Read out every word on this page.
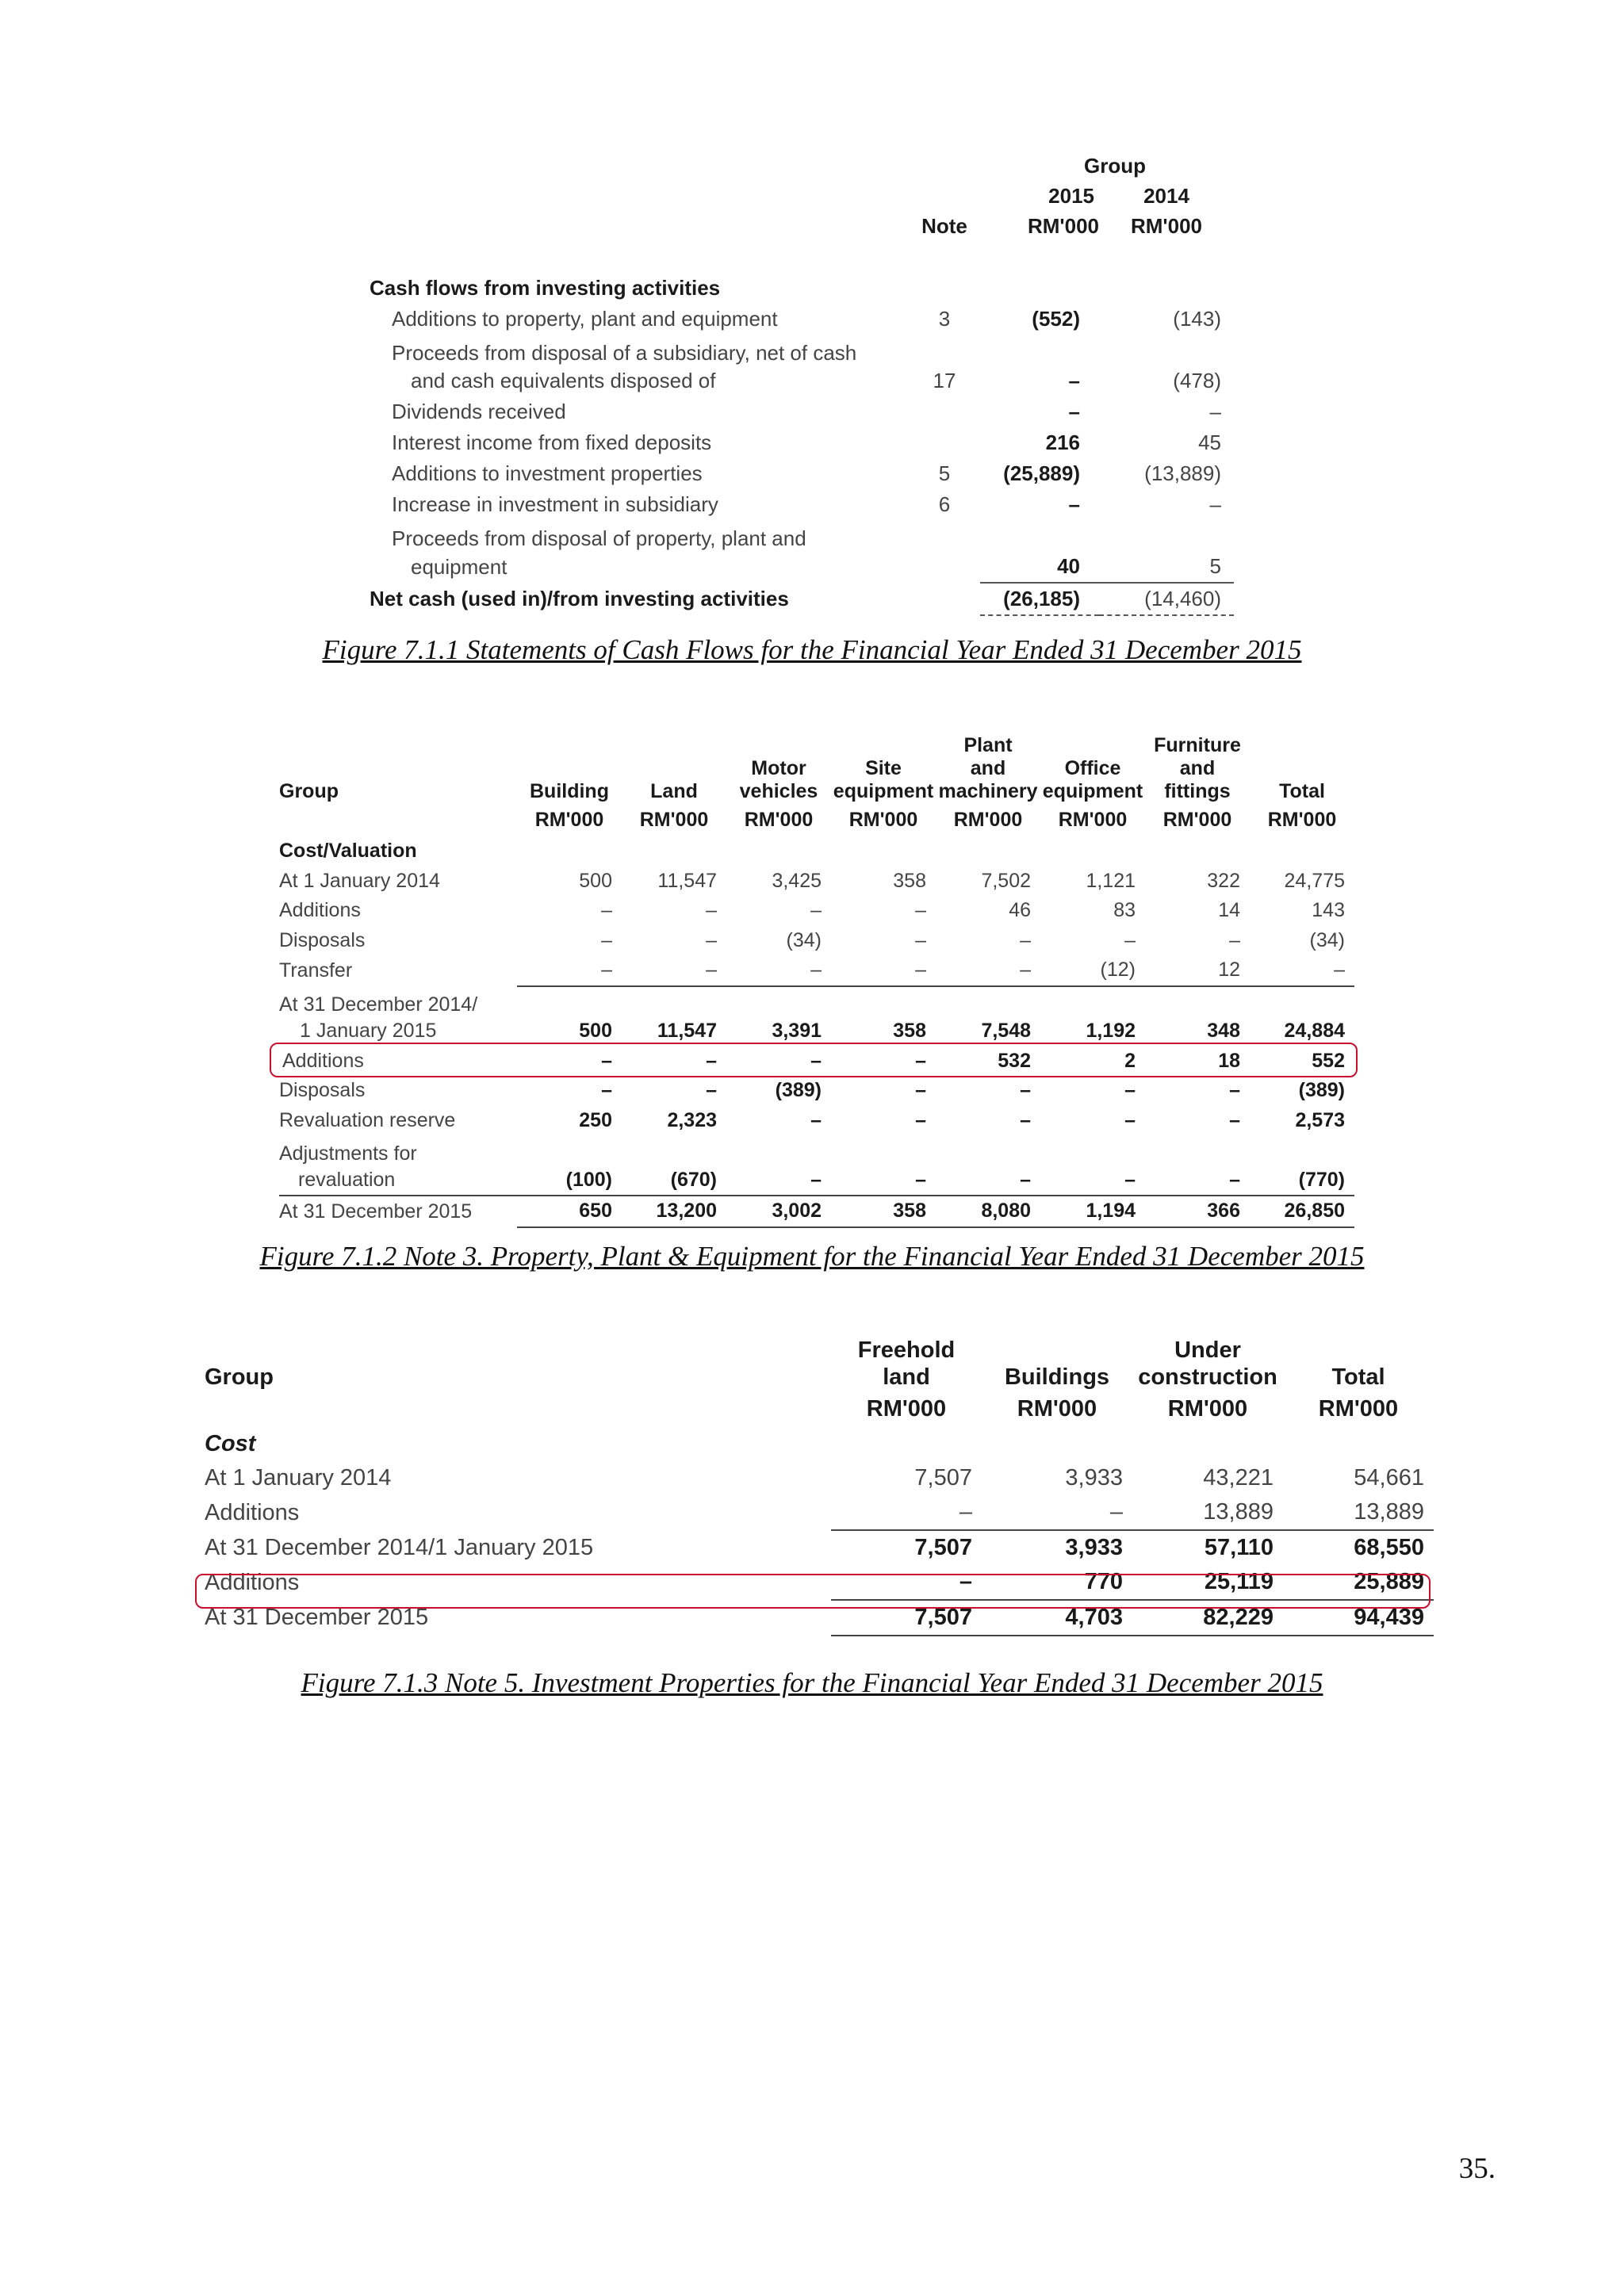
		Group	
		2015	2014
	Note	RM'000	RM'000

Cash flows from investing activities			
Additions to property, plant and equipment	3	(552)	(143)
Proceeds from disposal of a subsidiary, net of cash			
and cash equivalents disposed of	17	–	(478)
Dividends received		–	–
Interest income from fixed deposits		216	45
Additions to investment properties	5	(25,889)	(13,889)
Increase in investment in subsidiary	6	–	–
Proceeds from disposal of property, plant and			
equipment		40	5
Net cash (used in)/from investing activities		(26,185)	(14,460)
Figure 7.1.1 Statements of Cash Flows for the Financial Year Ended 31 December 2015
					Plant		Furniture	
			Motor	Site	and	Office	and	
Group	Building	Land	vehicles	equipment	machinery	equipment	fittings	Total
	RM'000	RM'000	RM'000	RM'000	RM'000	RM'000	RM'000	RM'000
Cost/Valuation								
At 1 January 2014	500	11,547	3,425	358	7,502	1,121	322	24,775
Additions	–	–	–	–	46	83	14	143
Disposals	–	–	(34)	–	–	–	–	(34)
Transfer	–	–	–	–	–	(12)	12	–
At 31 December 2014/								
1 January 2015	500	11,547	3,391	358	7,548	1,192	348	24,884
Additions	–	–	–	–	532	2	18	552
Disposals	–	–	(389)	–	–	–	–	(389)
Revaluation reserve	250	2,323	–	–	–	–	–	2,573
Adjustments for								
revaluation	(100)	(670)	–	–	–	–	–	(770)
At 31 December 2015	650	13,200	3,002	358	8,080	1,194	366	26,850
Figure 7.1.2 Note 3. Property, Plant & Equipment for the Financial Year Ended 31 December 2015
	Freehold		Under	
Group	land	Buildings	construction	Total
	RM'000	RM'000	RM'000	RM'000
Cost				
At 1 January 2014	7,507	3,933	43,221	54,661
Additions	–	–	13,889	13,889
At 31 December 2014/1 January 2015	7,507	3,933	57,110	68,550
Additions	–	770	25,119	25,889
At 31 December 2015	7,507	4,703	82,229	94,439
Figure 7.1.3 Note 5. Investment Properties for the Financial Year Ended 31 December 2015
35.
